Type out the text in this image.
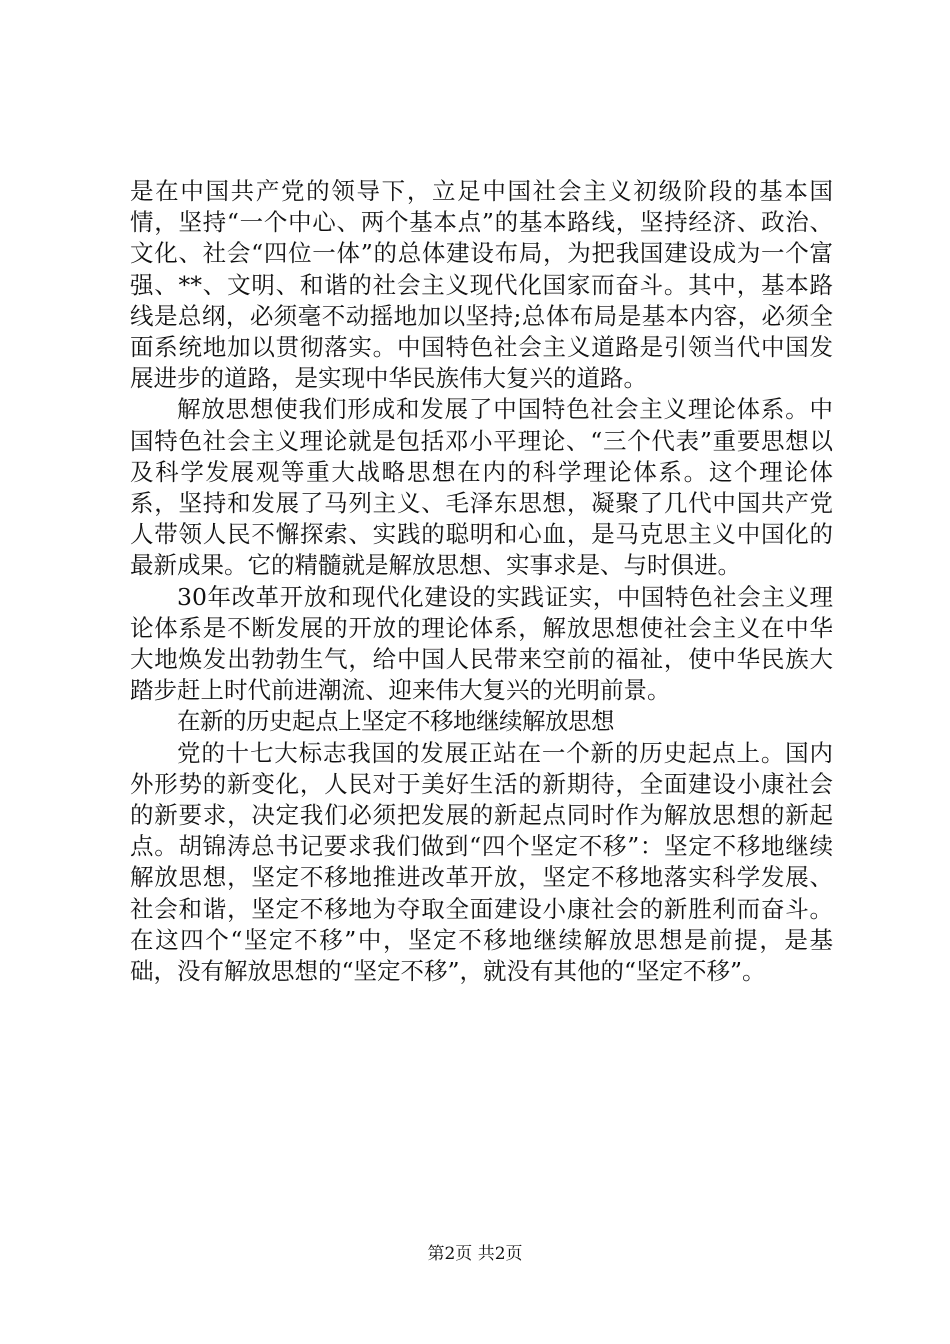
是在中国共产党的领导下，立足中国社会主义初级阶段的基本国情，坚持“一个中心、两个基本点”的基本路线，坚持经济、政治、文化、社会“四位一体”的总体建设布局，为把我国建设成为一个富强、**、文明、和谐的社会主义现代化国家而奋斗。其中，基本路线是总纲，必须毫不动摇地加以坚持;总体布局是基本内容，必须全面系统地加以贯彻落实。中国特色社会主义道路是引领当代中国发展进步的道路，是实现中华民族伟大复兴的道路。

解放思想使我们形成和发展了中国特色社会主义理论体系。中国特色社会主义理论就是包括邓小平理论、“三个代表”重要思想以及科学发展观等重大战略思想在内的科学理论体系。这个理论体系，坚持和发展了马列主义、毛泽东思想，凝聚了几代中国共产党人带领人民不懈探索、实践的聪明和心血，是马克思主义中国化的最新成果。它的精髓就是解放思想、实事求是、与时俱进。

30年改革开放和现代化建设的实践证实，中国特色社会主义理论体系是不断发展的开放的理论体系，解放思想使社会主义在中华大地焕发出勃勃生气，给中国人民带来空前的福祉，使中华民族大踏步赶上时代前进潮流、迎来伟大复兴的光明前景。

在新的历史起点上坚定不移地继续解放思想

党的十七大标志我国的发展正站在一个新的历史起点上。国内外形势的新变化，人民对于美好生活的新期待，全面建设小康社会的新要求，决定我们必须把发展的新起点同时作为解放思想的新起点。胡锦涛总书记要求我们做到“四个坚定不移”：坚定不移地继续解放思想，坚定不移地推进改革开放，坚定不移地落实科学发展、社会和谐，坚定不移地为夺取全面建设小康社会的新胜利而奋斗。在这四个“坚定不移”中，坚定不移地继续解放思想是前提，是基础，没有解放思想的“坚定不移”，就没有其他的“坚定不移”。

第2页 共2页
